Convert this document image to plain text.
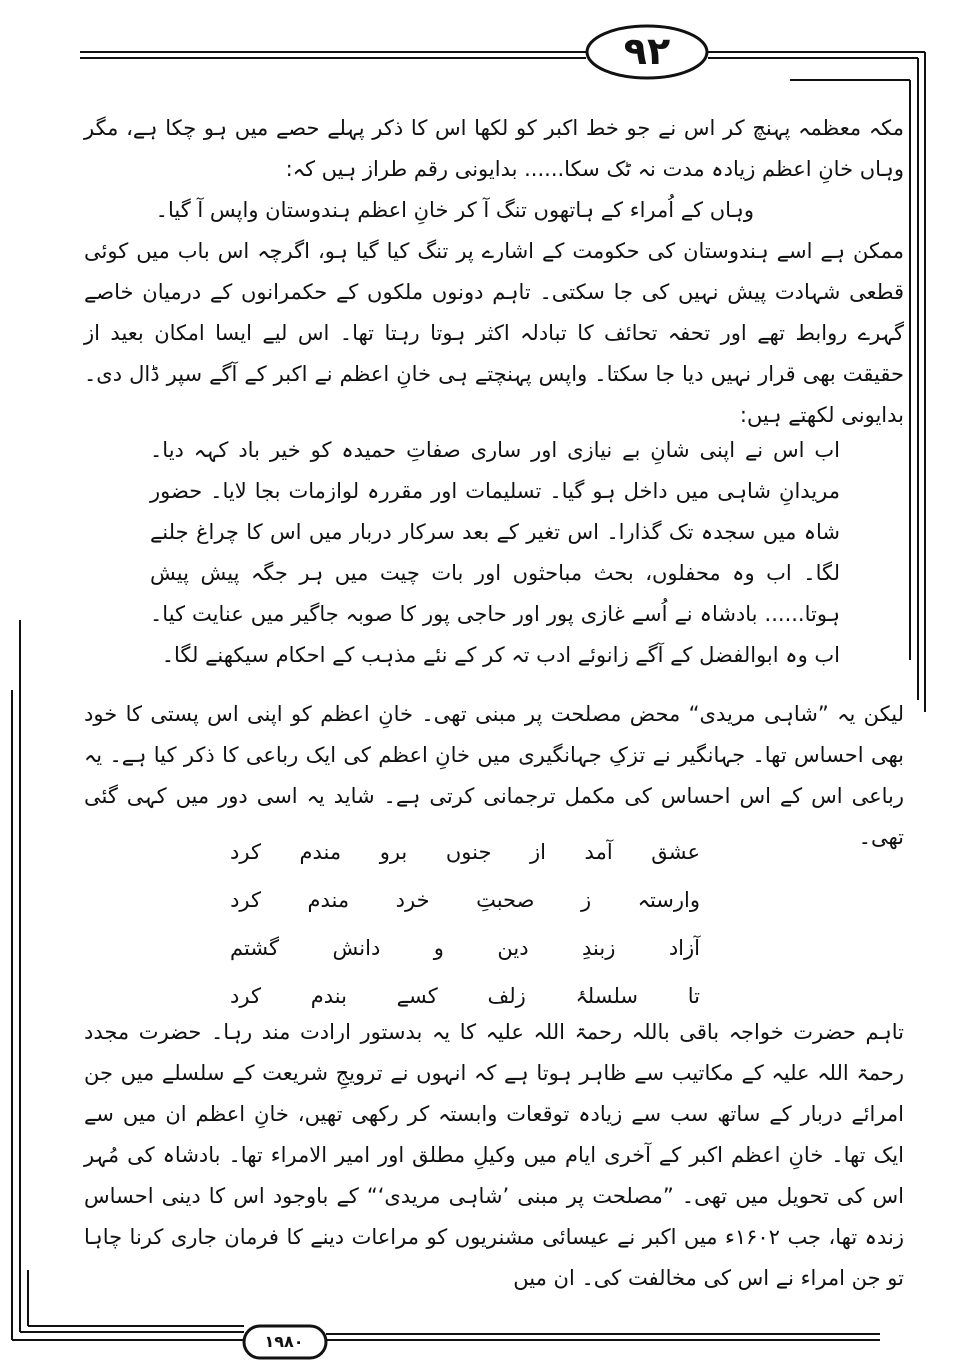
۹۲
۱۹۸۰

مکہ معظمہ پہنچ کر اس نے جو خط اکبر کو لکھا اس کا ذکر پہلے حصے میں ہو چکا ہے، مگر وہاں خانِ اعظم زیادہ مدت نہ ٹک سکا...... بدایونی رقم طراز ہیں کہ:

وہاں کے اُمراء کے ہاتھوں تنگ آ کر خانِ اعظم ہندوستان واپس آ گیا۔

ممکن ہے اسے ہندوستان کی حکومت کے اشارے پر تنگ کیا گیا ہو، اگرچہ اس باب میں کوئی قطعی شہادت پیش نہیں کی جا سکتی۔ تاہم دونوں ملکوں کے حکمرانوں کے درمیان خاصے گہرے روابط تھے اور تحفہ تحائف کا تبادلہ اکثر ہوتا رہتا تھا۔ اس لیے ایسا امکان بعید از حقیقت بھی قرار نہیں دیا جا سکتا۔ واپس پہنچتے ہی خانِ اعظم نے اکبر کے آگے سپر ڈال دی۔ بدایونی لکھتے ہیں:

اب اس نے اپنی شانِ بے نیازی اور ساری صفاتِ حمیدہ کو خیر باد کہہ دیا۔ مریدانِ شاہی میں داخل ہو گیا۔ تسلیمات اور مقررہ لوازمات بجا لایا۔ حضور شاہ میں سجدہ تک گذارا۔ اس تغیر کے بعد سرکار دربار میں اس کا چراغ جلنے لگا۔ اب وہ محفلوں، بحث مباحثوں اور بات چیت میں ہر جگہ پیش پیش ہوتا...... بادشاہ نے اُسے غازی پور اور حاجی پور کا صوبہ جاگیر میں عنایت کیا۔ اب وہ ابوالفضل کے آگے زانوئے ادب تہ کر کے نئے مذہب کے احکام سیکھنے لگا۔

لیکن یہ ”شاہی مریدی“ محض مصلحت پر مبنی تھی۔ خانِ اعظم کو اپنی اس پستی کا خود بھی احساس تھا۔ جہانگیر نے تزکِ جہانگیری میں خانِ اعظم کی ایک رباعی کا ذکر کیا ہے۔ یہ رباعی اس کے اس احساس کی مکمل ترجمانی کرتی ہے۔ شاید یہ اسی دور میں کہی گئی تھی۔

عشق
آمد
از
جنوں
برو
مندم
کرد
وارستہ
ز
صحبتِ
خرد
مندم
کرد
آزاد
زبندِ
دین
و
دانش
گشتم
تا
سلسلۂ
زلف
کسے
بندم
کرد

تاہم حضرت خواجہ باقی باللہ رحمۃ اللہ علیہ کا یہ بدستور ارادت مند رہا۔ حضرت مجدد رحمۃ اللہ علیہ کے مکاتیب سے ظاہر ہوتا ہے کہ انہوں نے ترویجِ شریعت کے سلسلے میں جن امرائے دربار کے ساتھ سب سے زیادہ توقعات وابستہ کر رکھی تھیں، خانِ اعظم ان میں سے ایک تھا۔ خانِ اعظم اکبر کے آخری ایام میں وکیلِ مطلق اور امیر الامراء تھا۔ بادشاہ کی مُہر اس کی تحویل میں تھی۔ ”مصلحت پر مبنی ’شاہی مریدی‘“ کے باوجود اس کا دینی احساس زندہ تھا، جب ۱۶۰۲ء میں اکبر نے عیسائی مشنریوں کو مراعات دینے کا فرمان جاری کرنا چاہا تو جن امراء نے اس کی مخالفت کی۔ ان میں
